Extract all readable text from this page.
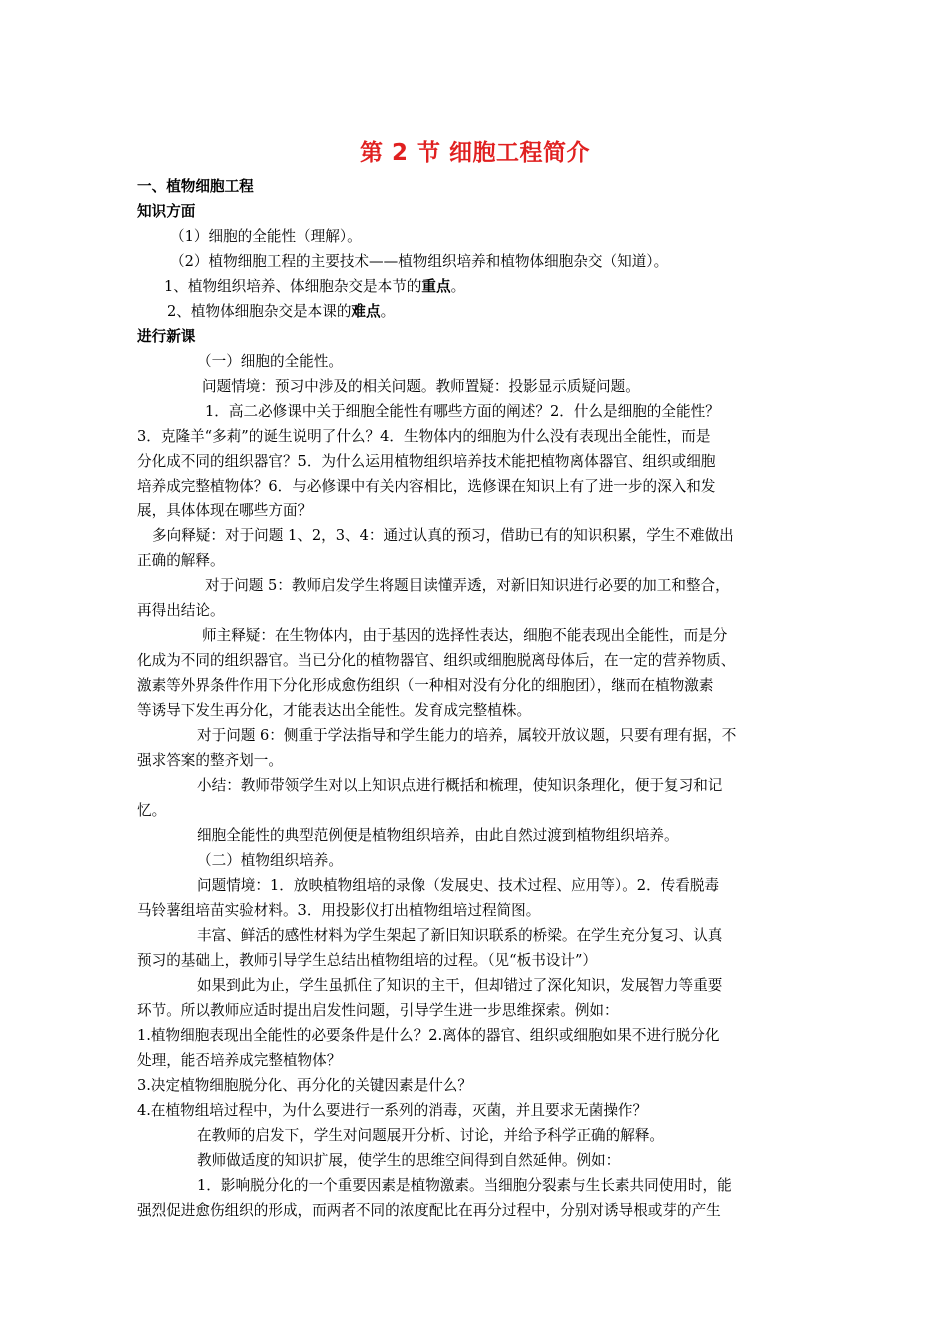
第 2 节 细胞工程简介
一、植物细胞工程
知识方面
（1）细胞的全能性（理解）。
（2）植物细胞工程的主要技术——植物组织培养和植物体细胞杂交（知道）。
1、植物组织培养、体细胞杂交是本节的重点。
2、植物体细胞杂交是本课的难点。
进行新课
（一）细胞的全能性。
问题情境：预习中涉及的相关问题。教师置疑：投影显示质疑问题。
1．高二必修课中关于细胞全能性有哪些方面的阐述？2．什么是细胞的全能性？
3．克隆羊“多莉”的诞生说明了什么？4．生物体内的细胞为什么没有表现出全能性，而是
分化成不同的组织器官？5．为什么运用植物组织培养技术能把植物离体器官、组织或细胞
培养成完整植物体？6．与必修课中有关内容相比，选修课在知识上有了进一步的深入和发
展，具体体现在哪些方面？
多向释疑：对于问题 1、2，3、4：通过认真的预习，借助已有的知识积累，学生不难做出
正确的解释。
对于问题 5：教师启发学生将题目读懂弄透，对新旧知识进行必要的加工和整合，
再得出结论。
师主释疑：在生物体内，由于基因的选择性表达，细胞不能表现出全能性，而是分
化成为不同的组织器官。当已分化的植物器官、组织或细胞脱离母体后，在一定的营养物质、
激素等外界条件作用下分化形成愈伤组织（一种相对没有分化的细胞团），继而在植物激素
等诱导下发生再分化，才能表达出全能性。发育成完整植株。
对于问题 6：侧重于学法指导和学生能力的培养，属较开放议题，只要有理有据，不
强求答案的整齐划一。
小结：教师带领学生对以上知识点进行概括和梳理，使知识条理化，便于复习和记
忆。
细胞全能性的典型范例便是植物组织培养，由此自然过渡到植物组织培养。
（二）植物组织培养。
问题情境：1．放映植物组培的录像（发展史、技术过程、应用等）。2．传看脱毒
马铃薯组培苗实验材料。3．用投影仪打出植物组培过程简图。
丰富、鲜活的感性材料为学生架起了新旧知识联系的桥梁。在学生充分复习、认真
预习的基础上，教师引导学生总结出植物组培的过程。（见“板书设计”）
如果到此为止，学生虽抓住了知识的主干，但却错过了深化知识，发展智力等重要
环节。所以教师应适时提出启发性问题，引导学生进一步思维探索。例如：
1.植物细胞表现出全能性的必要条件是什么？2.离体的器官、组织或细胞如果不进行脱分化
处理，能否培养成完整植物体？
3.决定植物细胞脱分化、再分化的关键因素是什么？
4.在植物组培过程中，为什么要进行一系列的消毒，灭菌，并且要求无菌操作？
在教师的启发下，学生对问题展开分析、讨论，并给予科学正确的解释。
教师做适度的知识扩展，使学生的思维空间得到自然延伸。例如：
1．影响脱分化的一个重要因素是植物激素。当细胞分裂素与生长素共同使用时，能
强烈促进愈伤组织的形成，而两者不同的浓度配比在再分过程中，分别对诱导根或芽的产生
